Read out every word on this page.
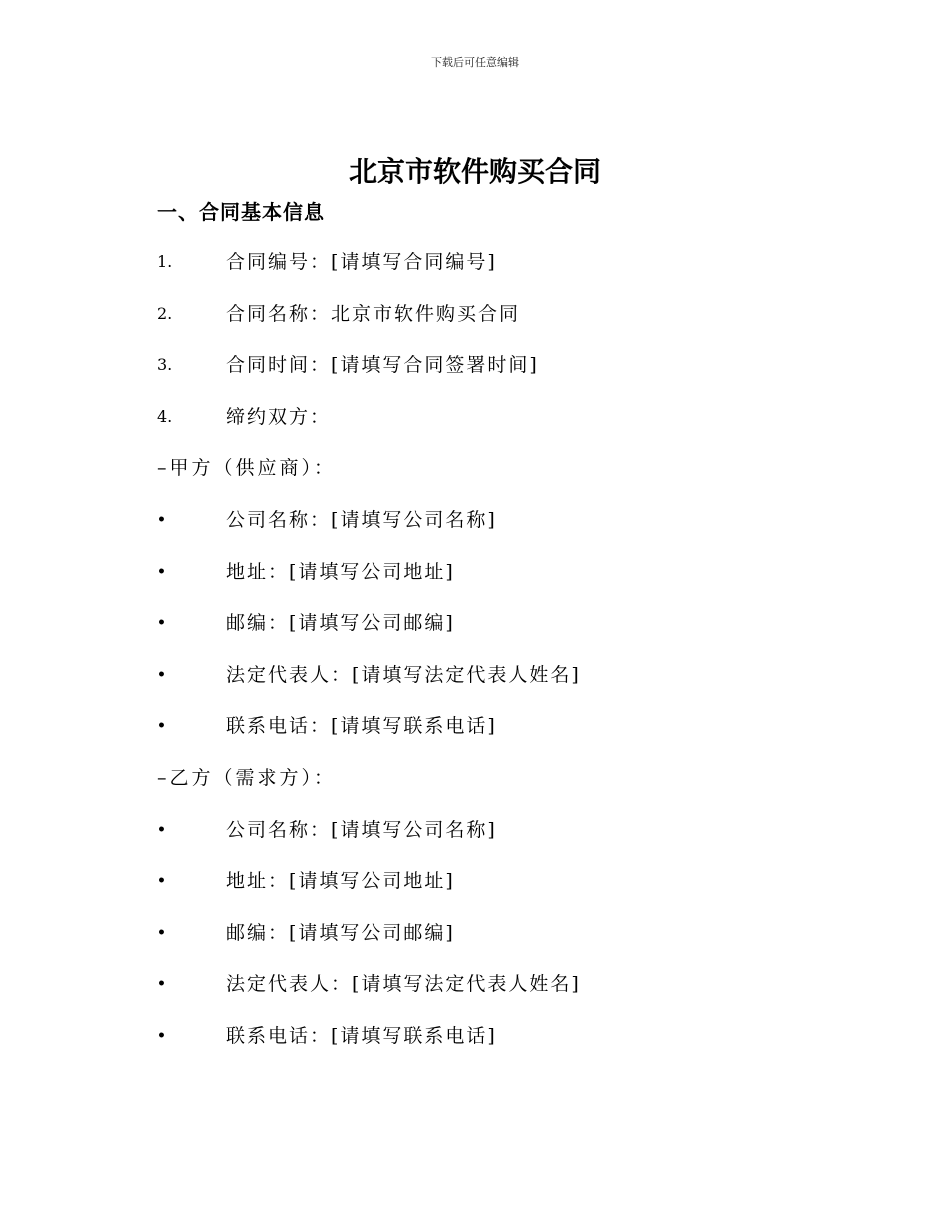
下载后可任意编辑
北京市软件购买合同
一、合同基本信息
1.	合同编号：[请填写合同编号]
2.	合同名称：北京市软件购买合同
3.	合同时间：[请填写合同签署时间]
4.	缔约双方：
–甲方（供应商）：
•	公司名称：[请填写公司名称]
•	地址：[请填写公司地址]
•	邮编：[请填写公司邮编]
•	法定代表人：[请填写法定代表人姓名]
•	联系电话：[请填写联系电话]
–乙方（需求方）：
•	公司名称：[请填写公司名称]
•	地址：[请填写公司地址]
•	邮编：[请填写公司邮编]
•	法定代表人：[请填写法定代表人姓名]
•	联系电话：[请填写联系电话]
